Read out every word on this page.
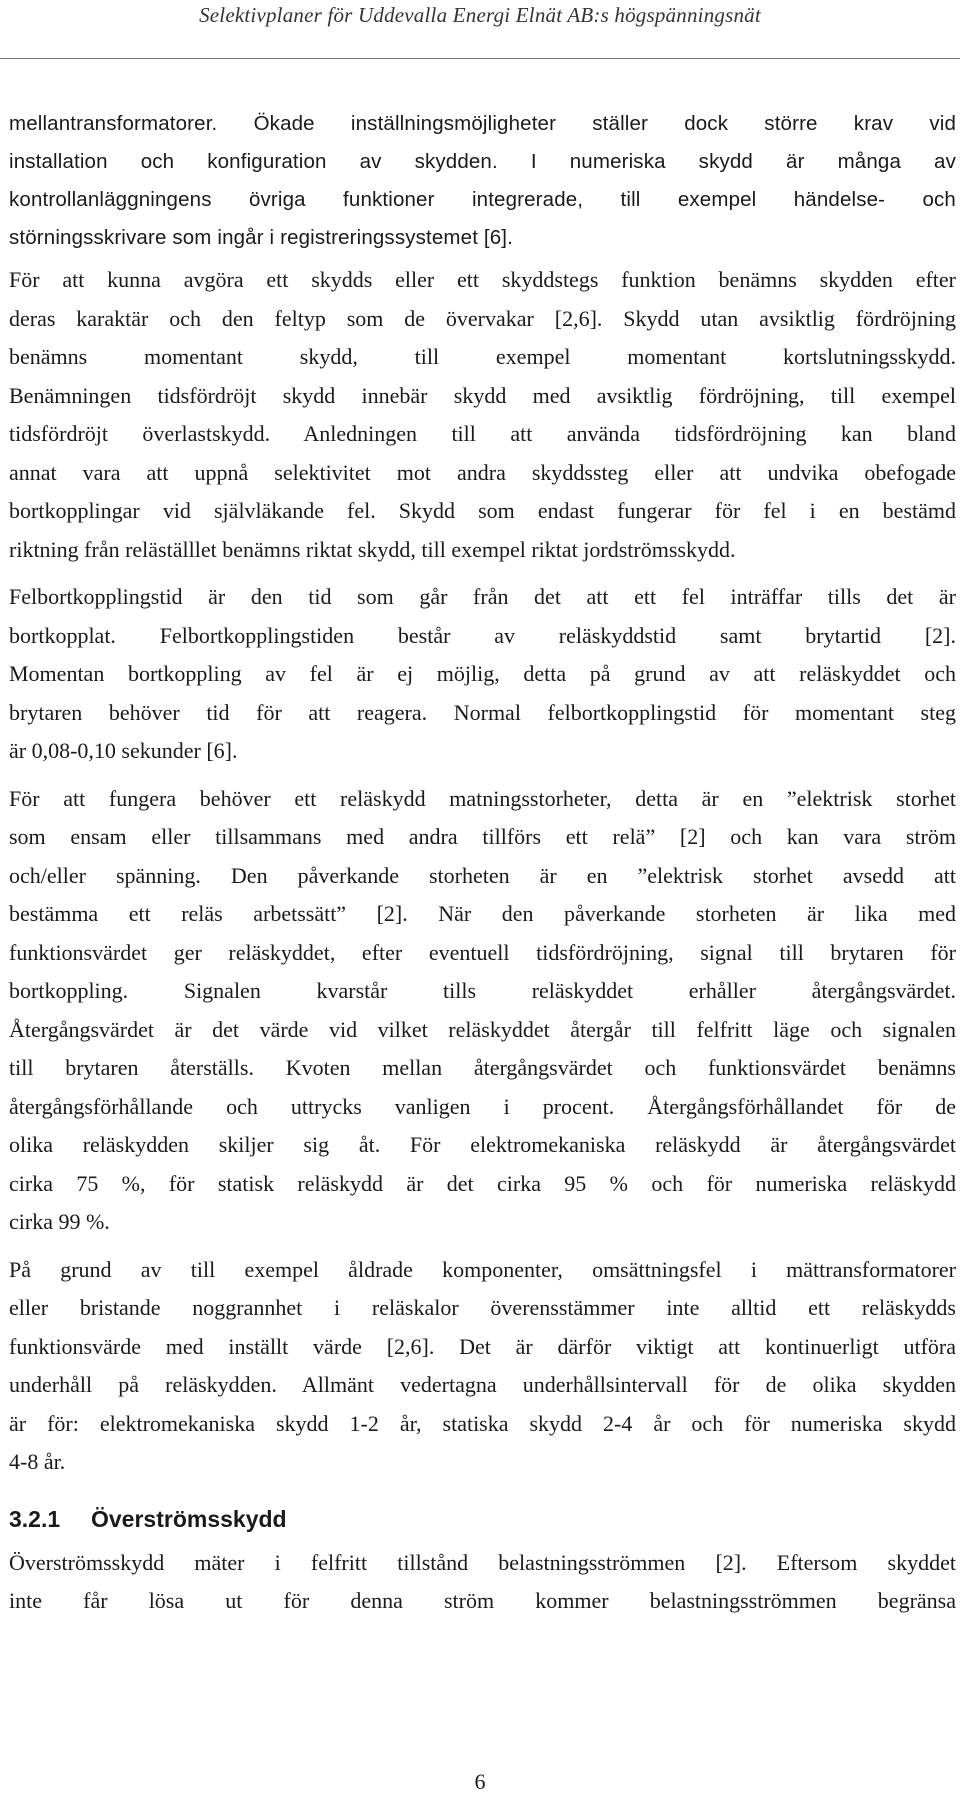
Selektivplaner för Uddevalla Energi Elnät AB:s högspänningsnät
mellantransformatorer. Ökade inställningsmöjligheter ställer dock större krav vid
installation och konfiguration av skydden. I numeriska skydd är många av
kontrollanläggningens övriga funktioner integrerade, till exempel händelse- och
störningsskrivare som ingår i registreringssystemet [6].
För att kunna avgöra ett skydds eller ett skyddstegs funktion benämns skydden efter
deras karaktär och den feltyp som de övervakar [2,6]. Skydd utan avsiktlig fördröjning
benämns momentant skydd, till exempel momentant kortslutningsskydd.
Benämningen tidsfördröjt skydd innebär skydd med avsiktlig fördröjning, till exempel
tidsfördröjt överlastskydd. Anledningen till att använda tidsfördröjning kan bland
annat vara att uppnå selektivitet mot andra skyddssteg eller att undvika obefogade
bortkopplingar vid självläkande fel. Skydd som endast fungerar för fel i en bestämd
riktning från reläställlet benämns riktat skydd, till exempel riktat jordströmsskydd.
Felbortkopplingstid är den tid som går från det att ett fel inträffar tills det är
bortkopplat. Felbortkopplingstiden består av reläskyddstid samt brytartid [2].
Momentan bortkoppling av fel är ej möjlig, detta på grund av att reläskyddet och
brytaren behöver tid för att reagera. Normal felbortkopplingstid för momentant steg
är 0,08-0,10 sekunder [6].
För att fungera behöver ett reläskydd matningsstorheter, detta är en ”elektrisk storhet
som ensam eller tillsammans med andra tillförs ett relä” [2] och kan vara ström
och/eller spänning. Den påverkande storheten är en ”elektrisk storhet avsedd att
bestämma ett reläs arbetssätt” [2]. När den påverkande storheten är lika med
funktionsvärdet ger reläskyddet, efter eventuell tidsfördröjning, signal till brytaren för
bortkoppling. Signalen kvarstår tills reläskyddet erhåller återgångsvärdet.
Återgångsvärdet är det värde vid vilket reläskyddet återgår till felfritt läge och signalen
till brytaren återställs. Kvoten mellan återgångsvärdet och funktionsvärdet benämns
återgångsförhållande och uttrycks vanligen i procent. Återgångsförhållandet för de
olika reläskydden skiljer sig åt. För elektromekaniska reläskydd är återgångsvärdet
cirka 75 %, för statisk reläskydd är det cirka 95 % och för numeriska reläskydd
cirka 99 %.
På grund av till exempel åldrade komponenter, omsättningsfel i mättransformatorer
eller bristande noggrannhet i reläskalor överensstämmer inte alltid ett reläskydds
funktionsvärde med inställt värde [2,6]. Det är därför viktigt att kontinuerligt utföra
underhåll på reläskydden. Allmänt vedertagna underhållsintervall för de olika skydden
är för: elektromekaniska skydd 1-2 år, statiska skydd 2-4 år och för numeriska skydd
4-8 år.
3.2.1 Överströmsskydd
Överströmsskydd mäter i felfritt tillstånd belastningsströmmen [2]. Eftersom skyddet
inte får lösa ut för denna ström kommer belastningsströmmen begränsa
6
